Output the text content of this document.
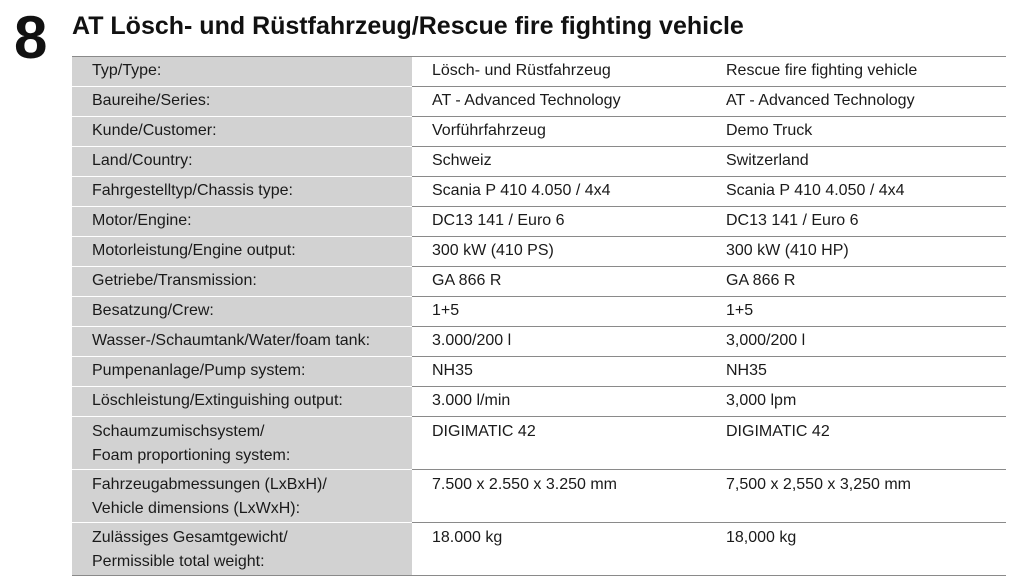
8 AT Lösch- und Rüstfahrzeug/Rescue fire fighting vehicle
Typ/Type:	Lösch- und Rüstfahrzeug	Rescue fire fighting vehicle

Baureihe/Series:	AT - Advanced Technology	AT - Advanced Technology

Kunde/Customer:	Vorführfahrzeug	Demo Truck

Land/Country:	Schweiz	Switzerland

Fahrgestelltyp/Chassis type:	Scania P 410 4.050 / 4x4	Scania P 410 4.050 / 4x4

Motor/Engine:	DC13 141 / Euro 6	DC13 141 / Euro 6

Motorleistung/Engine output:	300 kW (410 PS)	300 kW (410 HP)

Getriebe/Transmission:	GA 866 R	GA 866 R

Besatzung/Crew:	1+5	1+5

Wasser-/Schaumtank/Water/foam tank:	3.000/200 l	3,000/200 l

Pumpenanlage/Pump system:	NH35	NH35

Löschleistung/Extinguishing output:	3.000 l/min	3,000 lpm

Schaumzumischsystem/
Foam proportioning system:	DIGIMATIC 42	DIGIMATIC 42

Fahrzeugabmessungen (LxBxH)/
Vehicle dimensions (LxWxH):	7.500 x 2.550 x 3.250 mm	7,500 x 2,550 x 3,250 mm

Zulässiges Gesamtgewicht/
Permissible total weight:	18.000 kg	18,000 kg
